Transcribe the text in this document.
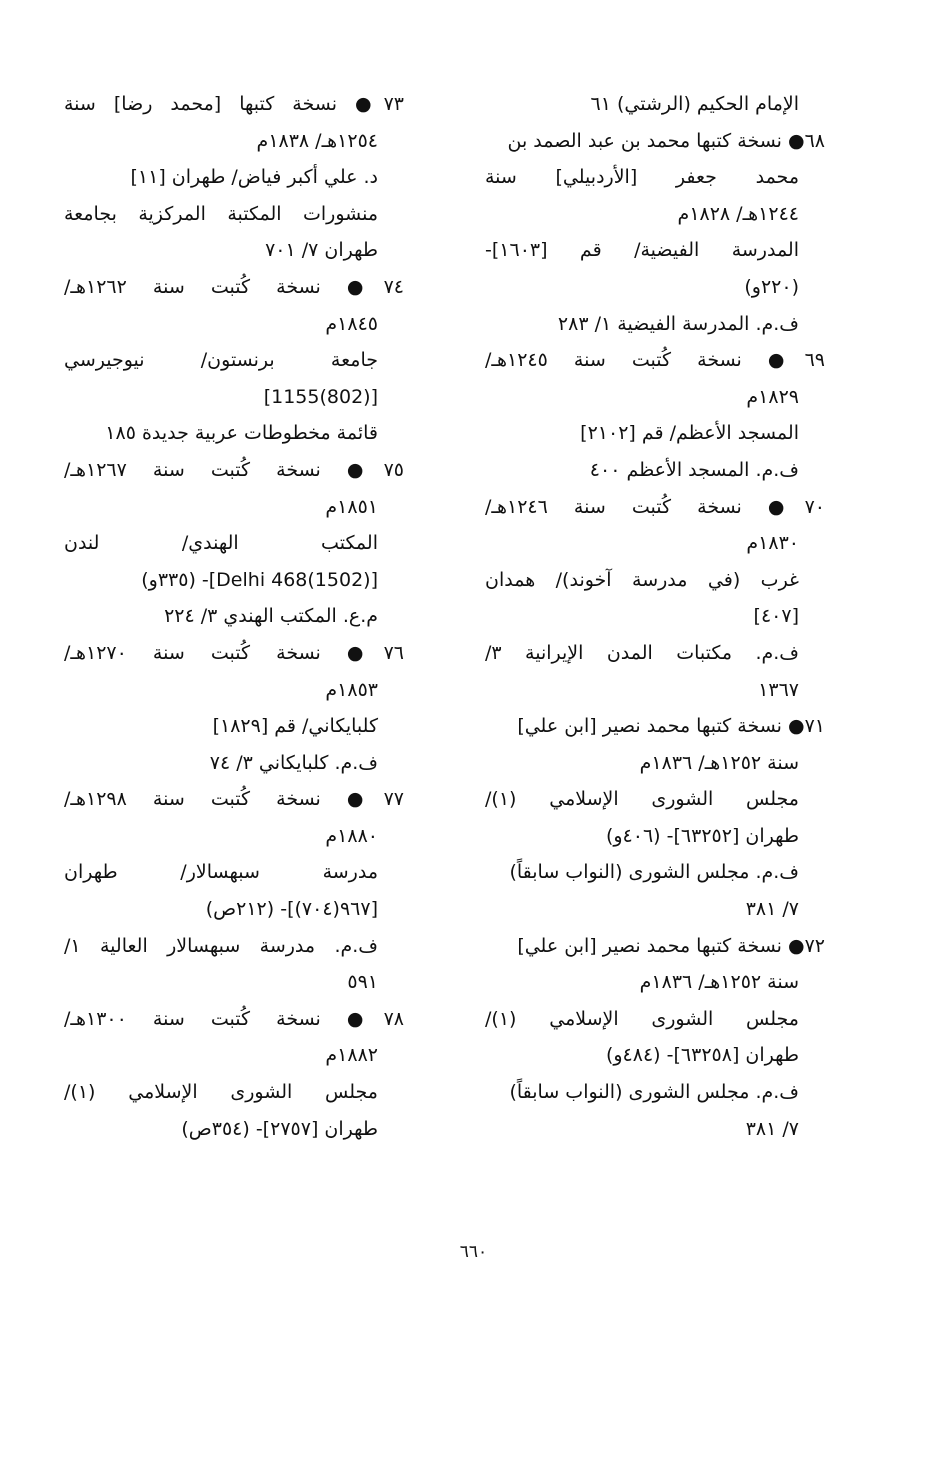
الإمام الحكيم (الرشتي) ٦١
٦٨● نسخة كتبها محمد بن عبد الصمد بن
محمد جعفر [الأردبيلي] سنة
١٢٤٤هـ/ ١٨٢٨م
المدرسة الفيضية/ قم [١٦٠٣]-
(٢٢٠و)
ف.م. المدرسة الفيضية ١/ ٢٨٣
٦٩● نسخة كُتبت سنة ١٢٤٥هـ/
١٨٢٩م
المسجد الأعظم/ قم [٢١٠٢]
ف.م. المسجد الأعظم ٤٠٠
٧٠● نسخة كُتبت سنة ١٢٤٦هـ/
١٨٣٠م
غرب (في مدرسة آخوند)/ همدان
[٤٠٧]
ف.م. مكتبات المدن الإيرانية ٣/
١٣٦٧
٧١● نسخة كتبها محمد نصير [ابن علي]
سنة ١٢٥٢هـ/ ١٨٣٦م
مجلس الشورى الإسلامي (١)/
طهران [٦٣٢٥٢]- (٤٠٦و)
ف.م. مجلس الشورى (النواب سابقاً)
٧/ ٣٨١
٧٢● نسخة كتبها محمد نصير [ابن علي]
سنة ١٢٥٢هـ/ ١٨٣٦م
مجلس الشورى الإسلامي (١)/
طهران [٦٣٢٥٨]- (٤٨٤و)
ف.م. مجلس الشورى (النواب سابقاً)
٧/ ٣٨١
٧٣● نسخة كتبها [محمد رضا] سنة
١٢٥٤هـ/ ١٨٣٨م
د. علي أكبر فياض/ طهران [١١]
منشورات المكتبة المركزية بجامعة
طهران ٧/ ٧٠١
٧٤● نسخة كُتبت سنة ١٢٦٢هـ/
١٨٤٥م
جامعة برنستون/ نيوجيرسي
[(802)1155]
قائمة مخطوطات عربية جديدة ١٨٥
٧٥● نسخة كُتبت سنة ١٢٦٧هـ/
١٨٥١م
المكتب الهندي/ لندن
[Delhi 468(1502)]- (٣٣٥و)
م.ع. المكتب الهندي ٣/ ٢٢٤
٧٦● نسخة كُتبت سنة ١٢٧٠هـ/
١٨٥٣م
كلبايكاني/ قم [١٨٢٩]
ف.م. كلبايكاني ٣/ ٧٤
٧٧● نسخة كُتبت سنة ١٢٩٨هـ/
١٨٨٠م
مدرسة سبهسالار/ طهران
[٩٦٧(٧٠٤)]- (٢١٢ص)
ف.م. مدرسة سبهسالار العالية ١/
٥٩١
٧٨● نسخة كُتبت سنة ١٣٠٠هـ/
١٨٨٢م
مجلس الشورى الإسلامي (١)/
طهران [٢٧٥٧]- (٣٥٤ص)
٦٦٠
